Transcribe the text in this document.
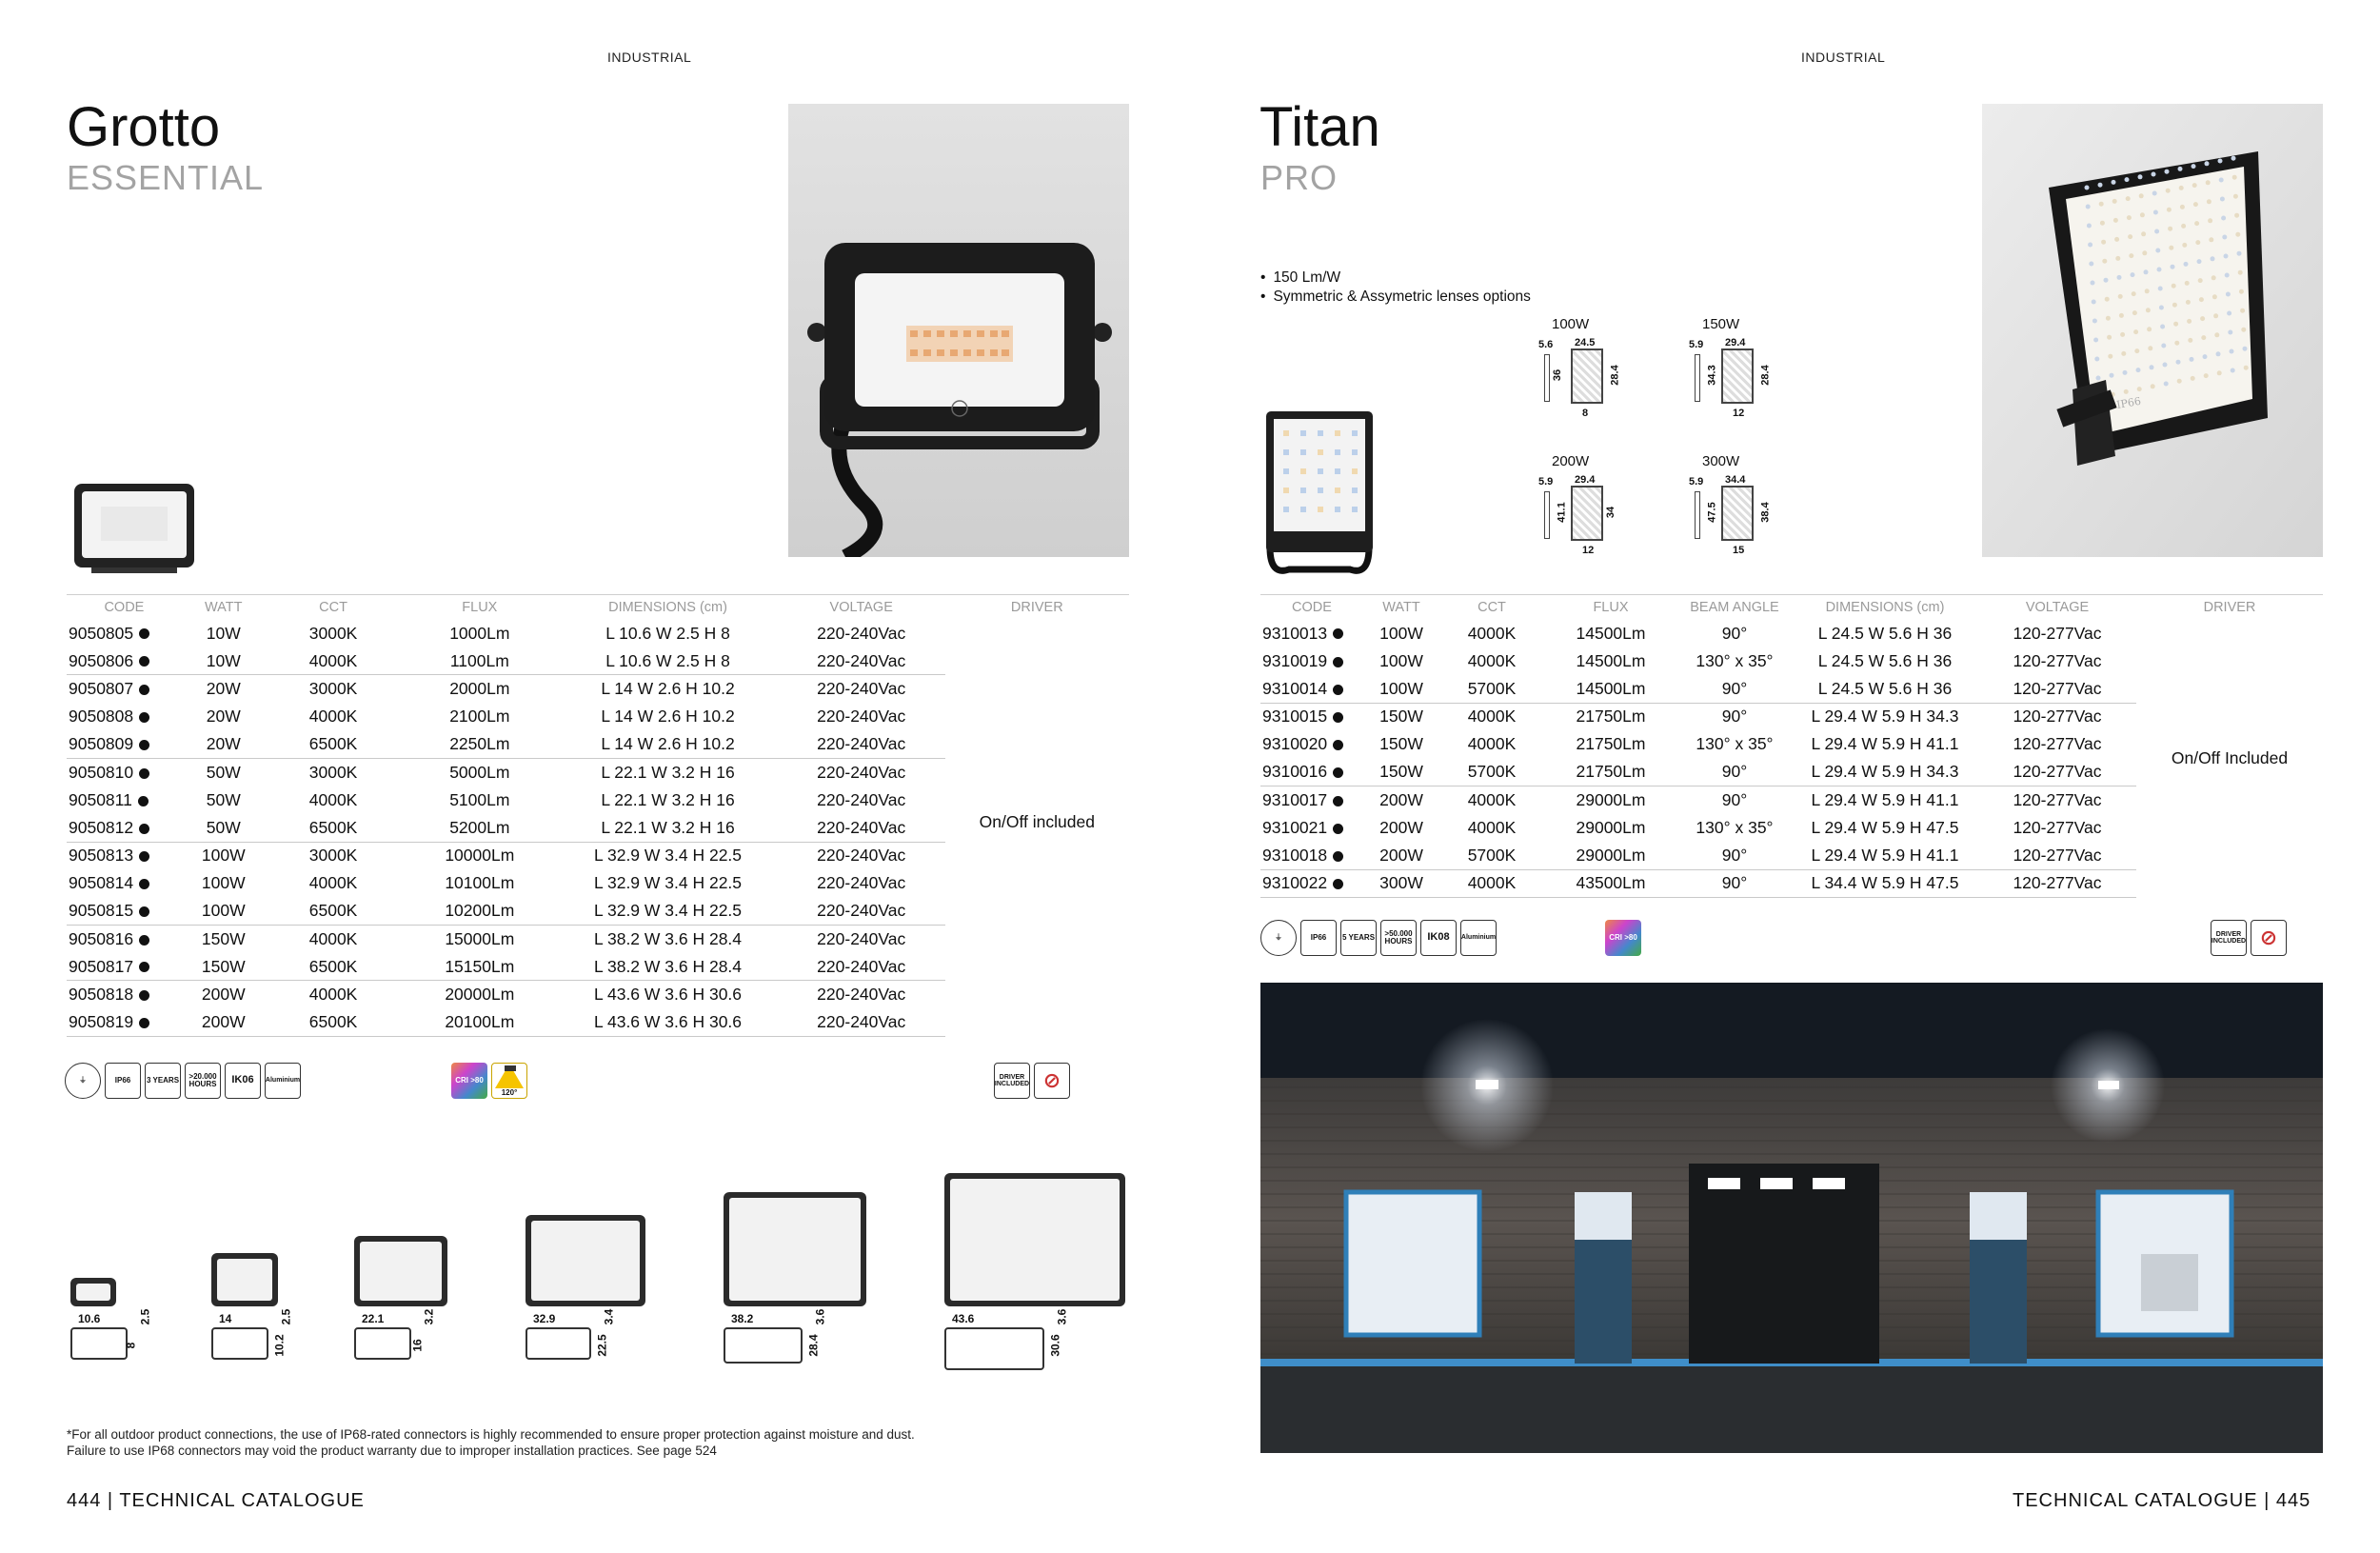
INDUSTRIAL
Grotto
ESSENTIAL
CODE	WATT	CCT	FLUX	DIMENSIONS (cm)	VOLTAGE	DRIVER
9050805	10W	3000K	1000Lm	L 10.6 W 2.5 H 8	220-240Vac	On/Off included
9050806	10W	4000K	1100Lm	L 10.6 W 2.5 H 8	220-240Vac	
9050807	20W	3000K	2000Lm	L 14 W 2.6 H 10.2	220-240Vac	
9050808	20W	4000K	2100Lm	L 14 W 2.6 H 10.2	220-240Vac	
9050809	20W	6500K	2250Lm	L 14 W 2.6 H 10.2	220-240Vac	
9050810	50W	3000K	5000Lm	L 22.1 W 3.2 H 16	220-240Vac	
9050811	50W	4000K	5100Lm	L 22.1 W 3.2 H 16	220-240Vac	
9050812	50W	6500K	5200Lm	L 22.1 W 3.2 H 16	220-240Vac	
9050813	100W	3000K	10000Lm	L 32.9 W 3.4 H 22.5	220-240Vac	
9050814	100W	4000K	10100Lm	L 32.9 W 3.4 H 22.5	220-240Vac	
9050815	100W	6500K	10200Lm	L 32.9 W 3.4 H 22.5	220-240Vac	
9050816	150W	4000K	15000Lm	L 38.2 W 3.6 H 28.4	220-240Vac	
9050817	150W	6500K	15150Lm	L 38.2 W 3.6 H 28.4	220-240Vac	
9050818	200W	4000K	20000Lm	L 43.6 W 3.6 H 30.6	220-240Vac	
9050819	200W	6500K	20100Lm	L 43.6 W 3.6 H 30.6	220-240Vac	
⏚	IP66 3 YEARS	>20.000 HOURS	IK06 Aluminium	CRI >80
120°
DRIVER INCLUDED ⊘
10.6	2.5
8
14	2.5
10.2
22.1	3.2
16
32.9	3.4
22.5
38.2	3.6
28.4
43.6	3.6
30.6
*For all outdoor product connections, the use of IP68-rated connectors is highly recommended to ensure proper protection against moisture and dust.
Failure to use IP68 connectors may void the product warranty due to improper installation practices. See page 524
444 | TECHNICAL CATALOGUE
INDUSTRIAL
Titan
PRO
• 150 Lm/W
• Symmetric & Assymetric lenses options
100W
5.6 24.5
36	28.4
8
150W
5.9 29.4
34.3	28.4
12
200W
5.9 29.4
41.1	34
12
300W
5.9 34.4
47.5	38.4
15
IP66
CODE	WATT	CCT	FLUX	BEAM ANGLE	DIMENSIONS (cm)	VOLTAGE	DRIVER
9310013	100W	4000K	14500Lm	90°	L 24.5 W 5.6 H 36	120-277Vac	On/Off Included
9310019	100W	4000K	14500Lm	130° x 35°	L 24.5 W 5.6 H 36	120-277Vac	
9310014	100W	5700K	14500Lm	90°	L 24.5 W 5.6 H 36	120-277Vac	
9310015	150W	4000K	21750Lm	90°	L 29.4 W 5.9 H 34.3	120-277Vac	
9310020	150W	4000K	21750Lm	130° x 35°	L 29.4 W 5.9 H 41.1	120-277Vac	
9310016	150W	5700K	21750Lm	90°	L 29.4 W 5.9 H 34.3	120-277Vac	
9310017	200W	4000K	29000Lm	90°	L 29.4 W 5.9 H 41.1	120-277Vac	
9310021	200W	4000K	29000Lm	130° x 35°	L 29.4 W 5.9 H 47.5	120-277Vac	
9310018	200W	5700K	29000Lm	90°	L 29.4 W 5.9 H 41.1	120-277Vac	
9310022	300W	4000K	43500Lm	90°	L 34.4 W 5.9 H 47.5	120-277Vac	
⏚	IP66 5 YEARS	>50.000 HOURS	IK08 Aluminium	CRI >80	DRIVER INCLUDED ⊘
TECHNICAL CATALOGUE | 445
